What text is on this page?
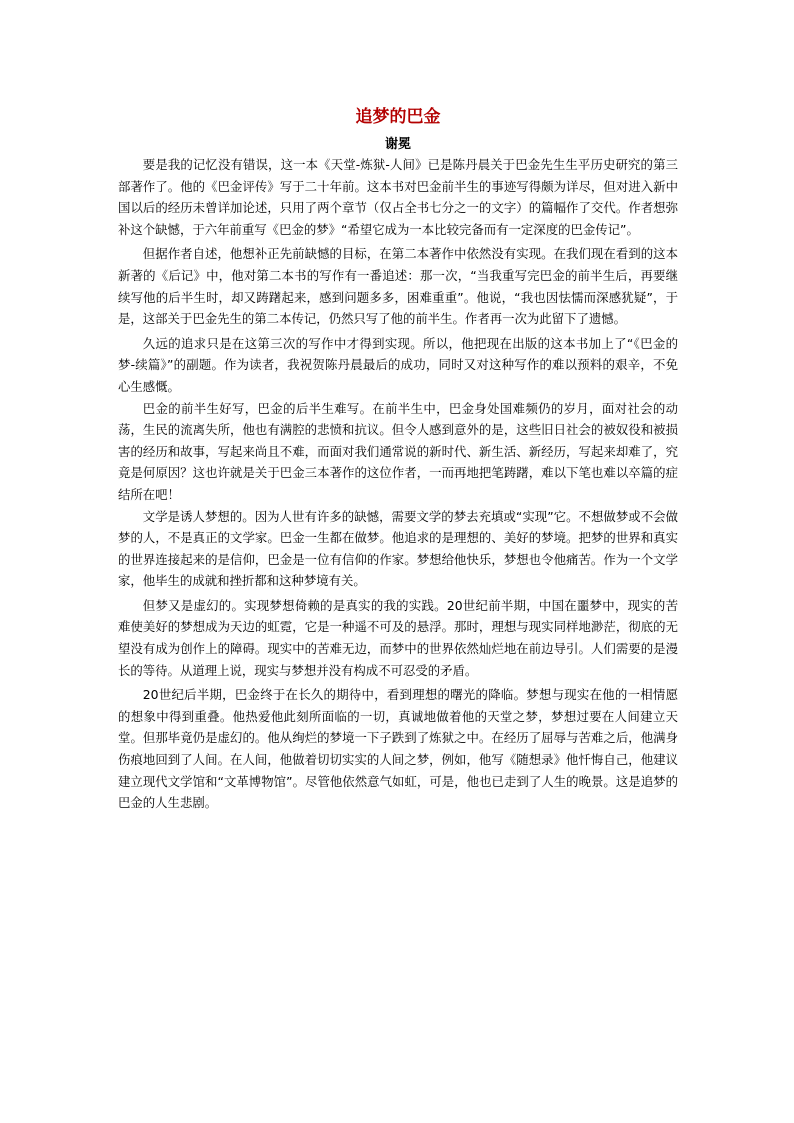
追梦的巴金
谢冕

要是我的记忆没有错误，这一本《天堂-炼狱-人间》已是陈丹晨关于巴金先生生平历史研究的第三部著作了。他的《巴金评传》写于二十年前。这本书对巴金前半生的事迹写得颇为详尽，但对进入新中国以后的经历未曾详加论述，只用了两个章节（仅占全书七分之一的文字）的篇幅作了交代。作者想弥补这个缺憾，于六年前重写《巴金的梦》“希望它成为一本比较完备而有一定深度的巴金传记”。

但据作者自述，他想补正先前缺憾的目标，在第二本著作中依然没有实现。在我们现在看到的这本新著的《后记》中，他对第二本书的写作有一番追述：那一次，“当我重写完巴金的前半生后，再要继续写他的后半生时，却又踌躇起来，感到问题多多，困难重重”。他说，“我也因怯懦而深感犹疑”，于是，这部关于巴金先生的第二本传记，仍然只写了他的前半生。作者再一次为此留下了遗憾。

久远的追求只是在这第三次的写作中才得到实现。所以，他把现在出版的这本书加上了“《巴金的梦-续篇》”的副题。作为读者，我祝贺陈丹晨最后的成功，同时又对这种写作的难以预料的艰辛，不免心生感慨。

巴金的前半生好写，巴金的后半生难写。在前半生中，巴金身处国难频仍的岁月，面对社会的动荡，生民的流离失所，他也有满腔的悲愤和抗议。但令人感到意外的是，这些旧日社会的被奴役和被损害的经历和故事，写起来尚且不难，而面对我们通常说的新时代、新生活、新经历，写起来却难了，究竟是何原因？这也许就是关于巴金三本著作的这位作者，一而再地把笔踌躇，难以下笔也难以卒篇的症结所在吧！

文学是诱人梦想的。因为人世有许多的缺憾，需要文学的梦去充填或“实现”它。不想做梦或不会做梦的人，不是真正的文学家。巴金一生都在做梦。他追求的是理想的、美好的梦境。把梦的世界和真实的世界连接起来的是信仰，巴金是一位有信仰的作家。梦想给他快乐，梦想也令他痛苦。作为一个文学家，他毕生的成就和挫折都和这种梦境有关。

但梦又是虚幻的。实现梦想倚赖的是真实的我的实践。20世纪前半期，中国在噩梦中，现实的苦难使美好的梦想成为天边的虹霓，它是一种遥不可及的悬浮。那时，理想与现实同样地渺茫，彻底的无望没有成为创作上的障碍。现实中的苦难无边，而梦中的世界依然灿烂地在前边导引。人们需要的是漫长的等待。从道理上说，现实与梦想并没有构成不可忍受的矛盾。

20世纪后半期，巴金终于在长久的期待中，看到理想的曙光的降临。梦想与现实在他的一相情愿的想象中得到重叠。他热爱他此刻所面临的一切，真诚地做着他的天堂之梦，梦想过要在人间建立天堂。但那毕竟仍是虚幻的。他从绚烂的梦境一下子跌到了炼狱之中。在经历了屈辱与苦难之后，他满身伤痕地回到了人间。在人间，他做着切切实实的人间之梦，例如，他写《随想录》他忏悔自己，他建议建立现代文学馆和“文革博物馆”。尽管他依然意气如虹，可是，他也已走到了人生的晚景。这是追梦的巴金的人生悲剧。
